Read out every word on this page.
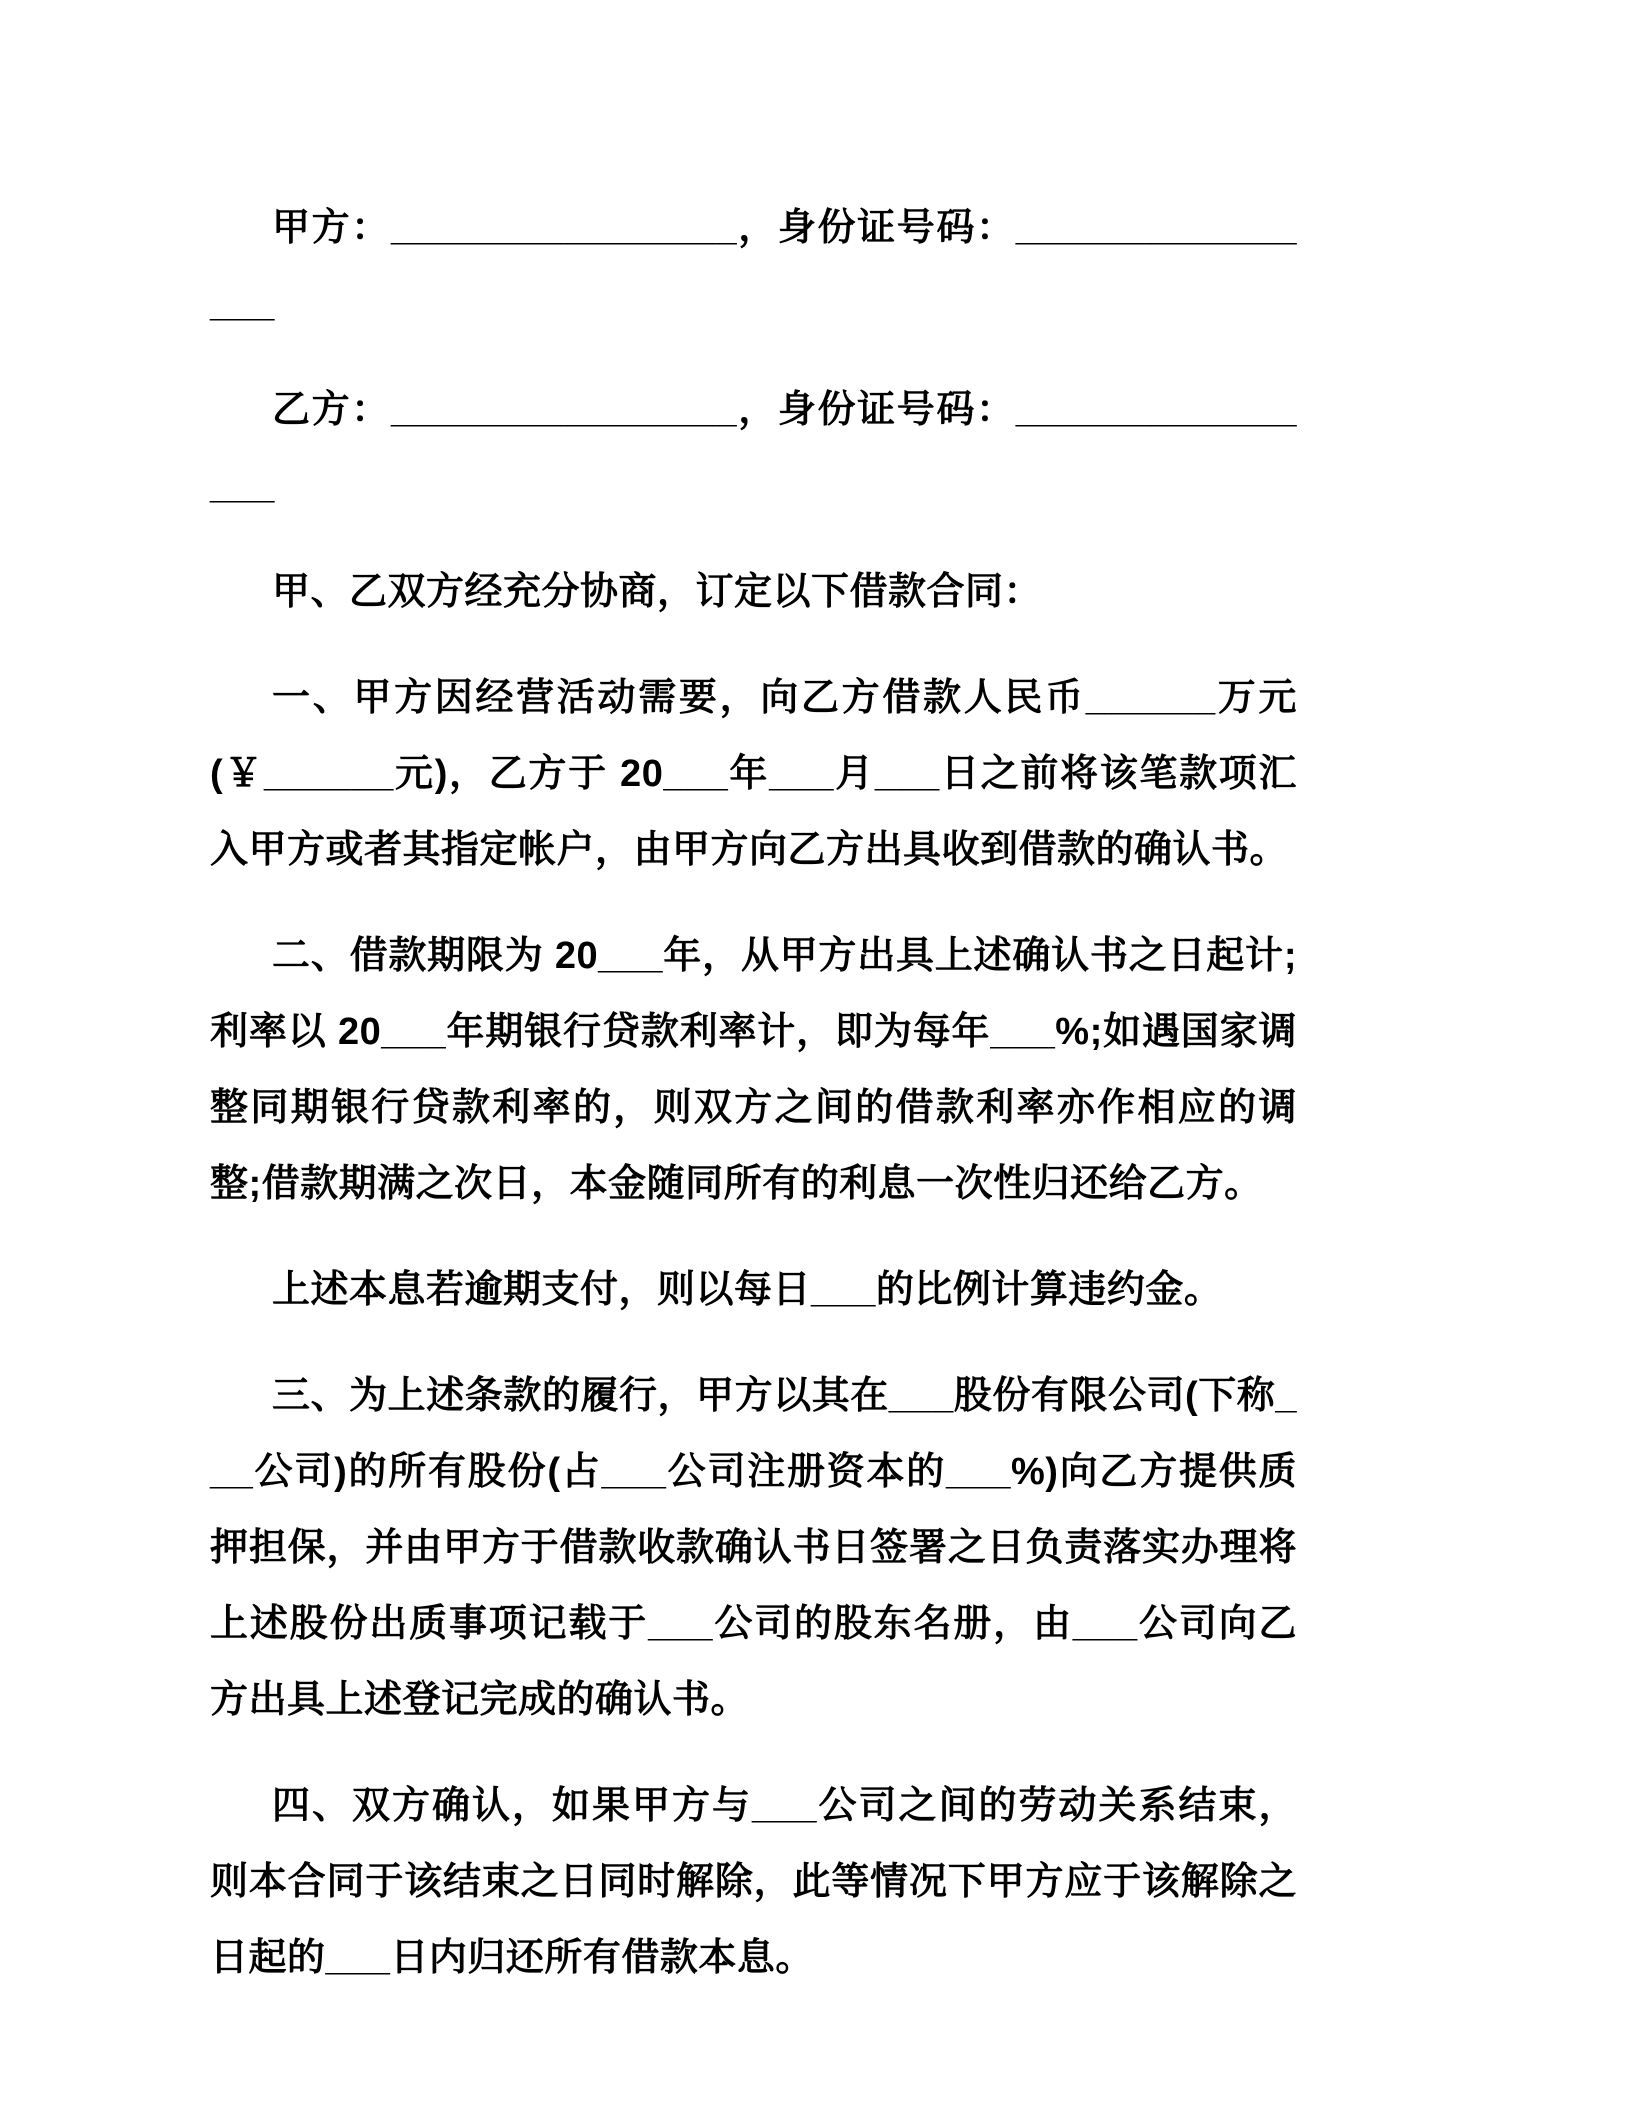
甲方：________________，身份证号码：________________

乙方：________________，身份证号码：________________

甲、乙双方经充分协商，订定以下借款合同：

一、甲方因经营活动需要，向乙方借款人民币______万元(￥______元)，乙方于 20___年___月___日之前将该笔款项汇入甲方或者其指定帐户，由甲方向乙方出具收到借款的确认书。

二、借款期限为 20___年，从甲方出具上述确认书之日起计;利率以 20___年期银行贷款利率计，即为每年___%;如遇国家调整同期银行贷款利率的，则双方之间的借款利率亦作相应的调整;借款期满之次日，本金随同所有的利息一次性归还给乙方。

上述本息若逾期支付，则以每日___的比例计算违约金。

三、为上述条款的履行，甲方以其在___股份有限公司(下称___公司)的所有股份(占___公司注册资本的___%)向乙方提供质押担保，并由甲方于借款收款确认书日签署之日负责落实办理将上述股份出质事项记载于___公司的股东名册，由___公司向乙方出具上述登记完成的确认书。

四、双方确认，如果甲方与___公司之间的劳动关系结束，则本合同于该结束之日同时解除，此等情况下甲方应于该解除之日起的___日内归还所有借款本息。
